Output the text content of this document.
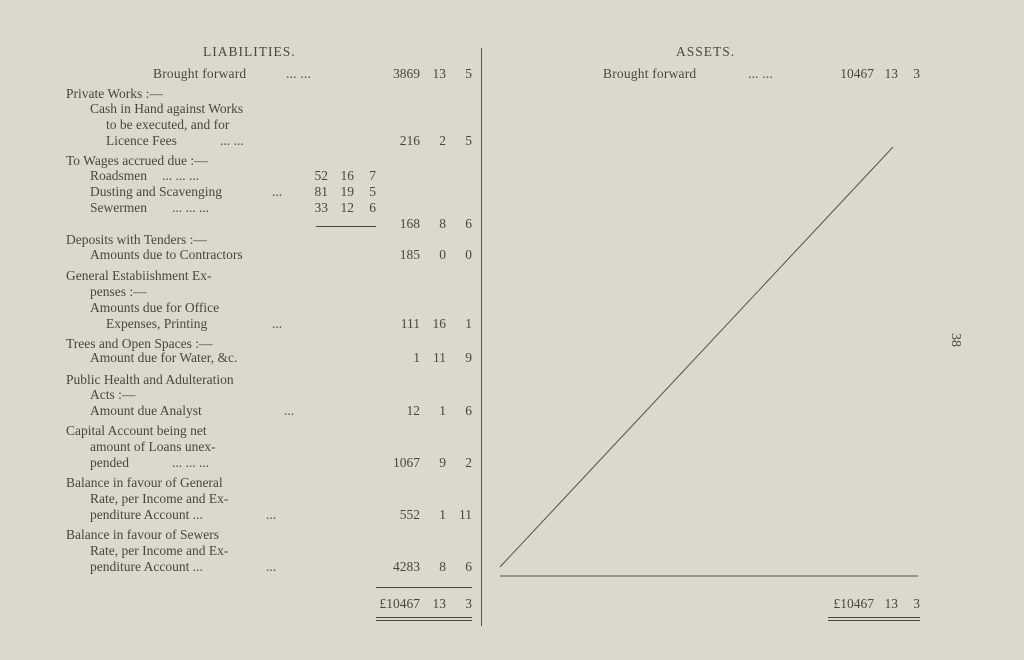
LIABILITIES.
Brought forward	... ...	3869 13	5
Private Works :—
Cash in Hand against Works
to be executed, and for
Licence Fees	... ...	216	2	5
To Wages accrued due :—
Roadsmen ... ... ...	52 16	7
Dusting and Scavenging	...	81 19	5
Sewermen ... ... ...	33 12	6
168	8	6
Deposits with Tenders :—
Amounts due to Contractors	185	0	0
General Estabiishment Ex-
penses :—
Amounts due for Office
Expenses, Printing	...	111 16	1
Trees and Open Spaces :—
Amount due for Water, &c.	1 11	9
Public Health and Adulteration
Acts :—
Amount due Analyst	...	12	1	6
Capital Account being net
amount of Loans unex-
pended	... ... ...	1067	9	2
Balance in favour of General
Rate, per Income and Ex-
penditure Account ...	...	552	1 11
Balance in favour of Sewers
Rate, per Income and Ex-
penditure Account ...	...	4283	8	6
£10467 13	3
ASSETS.
Brought forward	... ...	10467 13	3
£10467 13	3
38
